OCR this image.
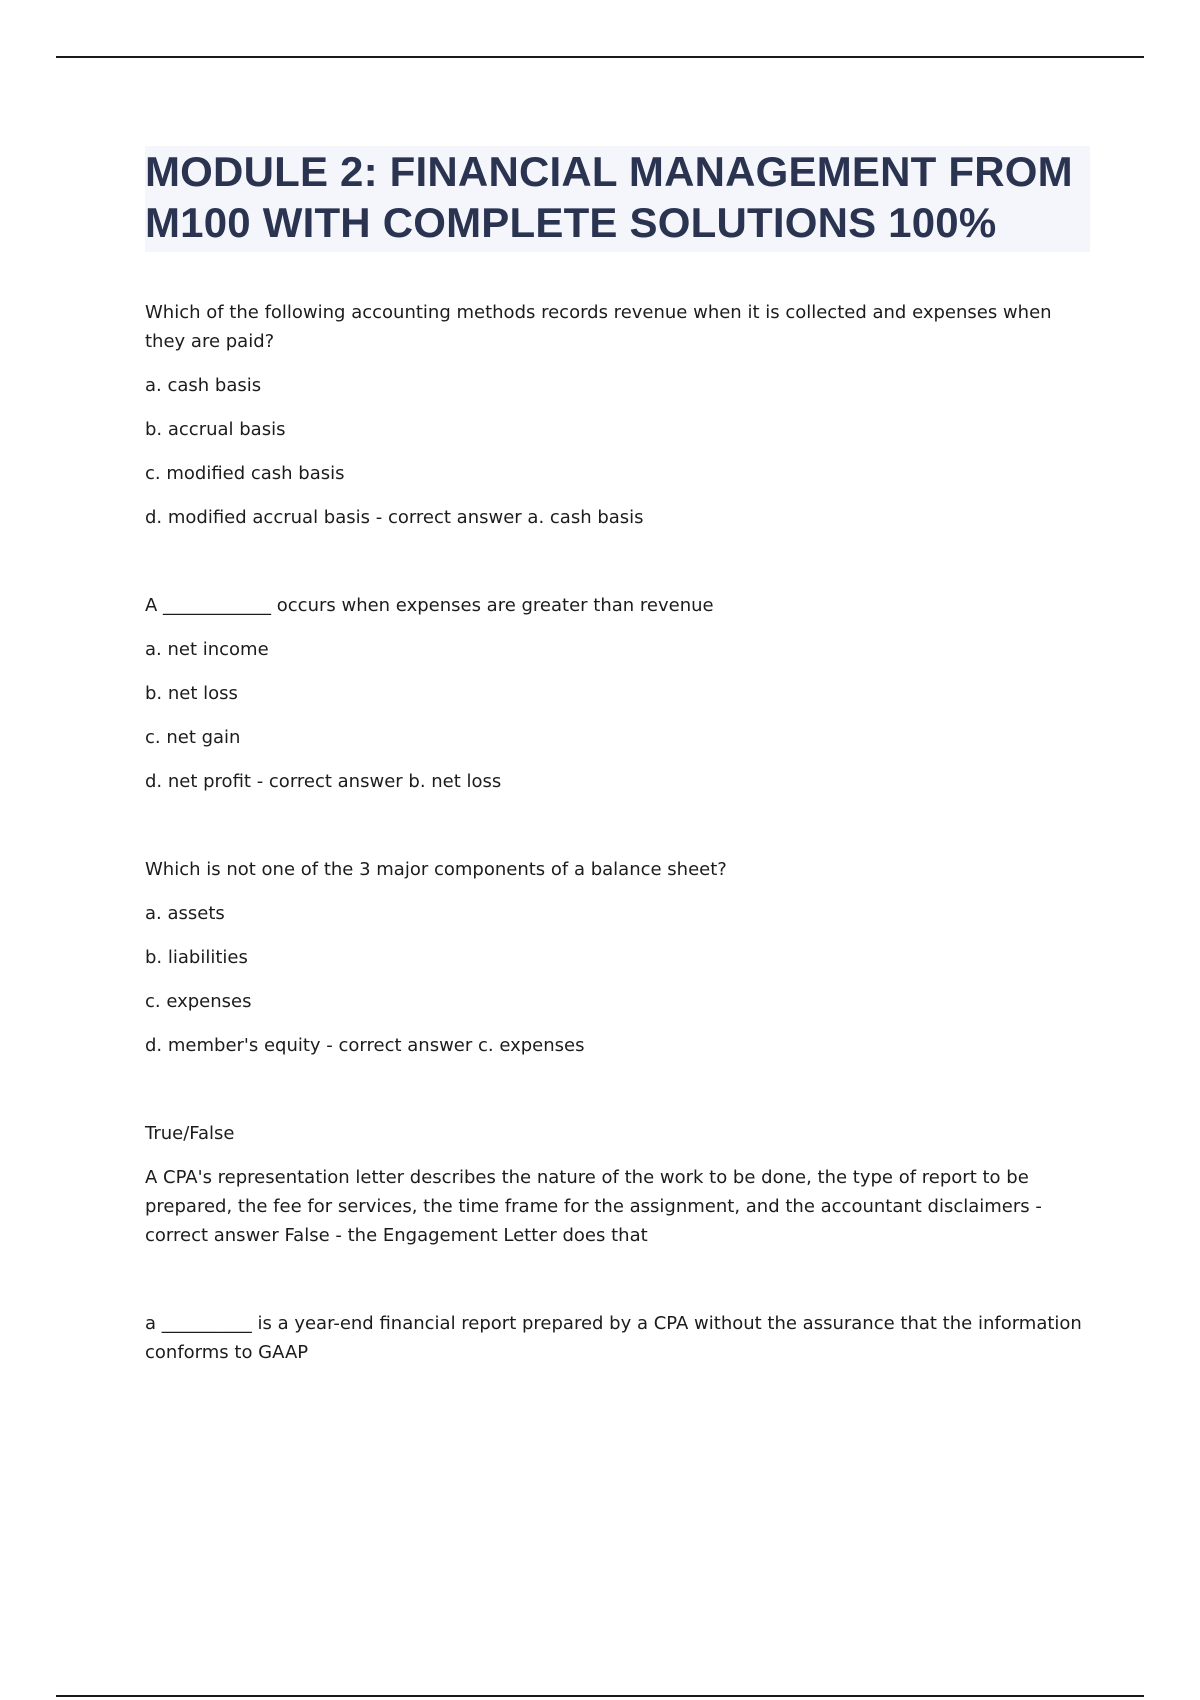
MODULE 2: FINANCIAL MANAGEMENT FROM M100 WITH COMPLETE SOLUTIONS 100%

Which of the following accounting methods records revenue when it is collected and expenses when they are paid?

a. cash basis

b. accrual basis

c. modified cash basis

d. modified accrual basis - correct answer a. cash basis

A ____________ occurs when expenses are greater than revenue

a. net income

b. net loss

c. net gain

d. net profit - correct answer b. net loss

Which is not one of the 3 major components of a balance sheet?

a. assets

b. liabilities

c. expenses

d. member's equity - correct answer c. expenses

True/False

A CPA's representation letter describes the nature of the work to be done, the type of report to be prepared, the fee for services, the time frame for the assignment, and the accountant disclaimers - correct answer False - the Engagement Letter does that

a __________ is a year-end financial report prepared by a CPA without the assurance that the information conforms to GAAP
